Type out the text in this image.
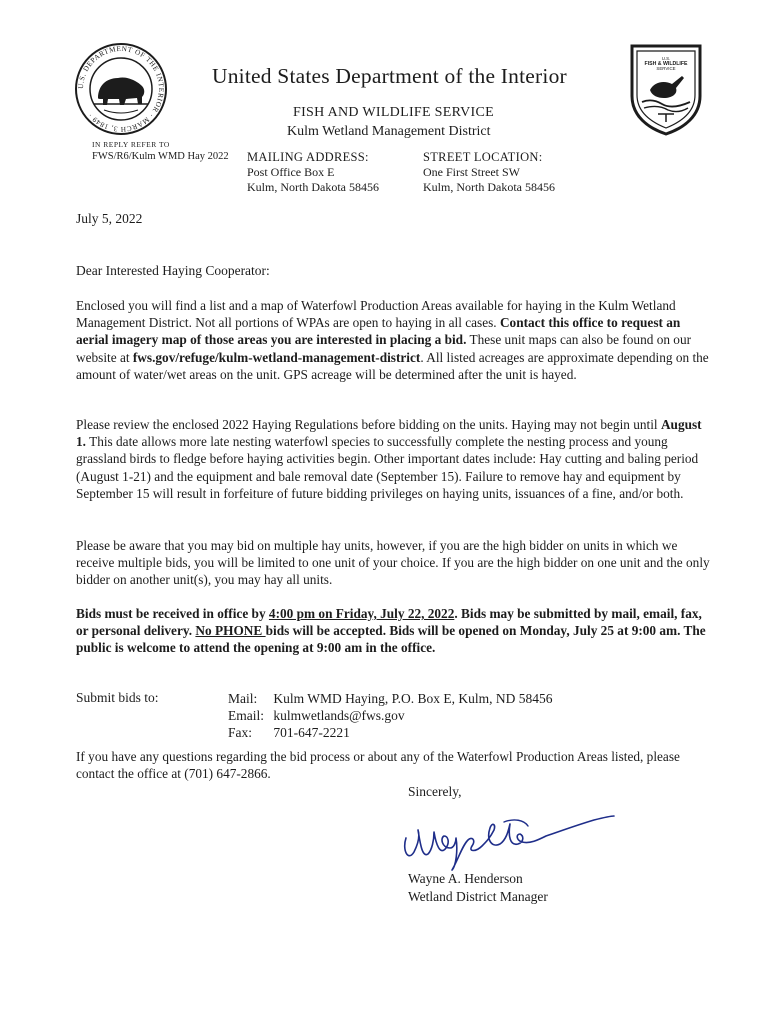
U.S. DEPARTMENT OF THE INTERIOR · MARCH 3, 1849 ·
U.S.
FISH & WILDLIFE
SERVICE
United States Department of the Interior
FISH AND WILDLIFE SERVICE
Kulm Wetland Management District
IN REPLY REFER TO
FWS/R6/Kulm WMD Hay 2022 MAILING ADDRESS:
Post Office Box E
Kulm, North Dakota 58456
STREET LOCATION:
One First Street SW
Kulm, North Dakota 58456
July 5, 2022
Dear Interested Haying Cooperator:
Enclosed you will find a list and a map of Waterfowl Production Areas available for haying in the Kulm Wetland Management District. Not all portions of WPAs are open to haying in all cases. Contact this office to request an aerial imagery map of those areas you are interested in placing a bid. These unit maps can also be found on our website at fws.gov/refuge/kulm-wetland-management-district. All listed acreages are approximate depending on the amount of water/wet areas on the unit. GPS acreage will be determined after the unit is hayed.
Please review the enclosed 2022 Haying Regulations before bidding on the units. Haying may not begin until August 1. This date allows more late nesting waterfowl species to successfully complete the nesting process and young grassland birds to fledge before haying activities begin. Other important dates include: Hay cutting and baling period (August 1-21) and the equipment and bale removal date (September 15). Failure to remove hay and equipment by September 15 will result in forfeiture of future bidding privileges on haying units, issuances of a fine, and/or both.
Please be aware that you may bid on multiple hay units, however, if you are the high bidder on units in which we receive multiple bids, you will be limited to one unit of your choice. If you are the high bidder on one unit and the only bidder on another unit(s), you may hay all units.
Bids must be received in office by 4:00 pm on Friday, July 22, 2022. Bids may be submitted by mail, email, fax, or personal delivery. No PHONE bids will be accepted. Bids will be opened on Monday, July 25 at 9:00 am. The public is welcome to attend the opening at 9:00 am in the office.
Submit bids to:	Mail: Kulm WMD Haying, P.O. Box E, Kulm, ND 58456
Email: kulmwetlands@fws.gov
Fax: 701-647-2221
If you have any questions regarding the bid process or about any of the Waterfowl Production Areas listed, please contact the office at (701) 647-2866.
Sincerely,
Wayne A. Henderson
Wetland District Manager
